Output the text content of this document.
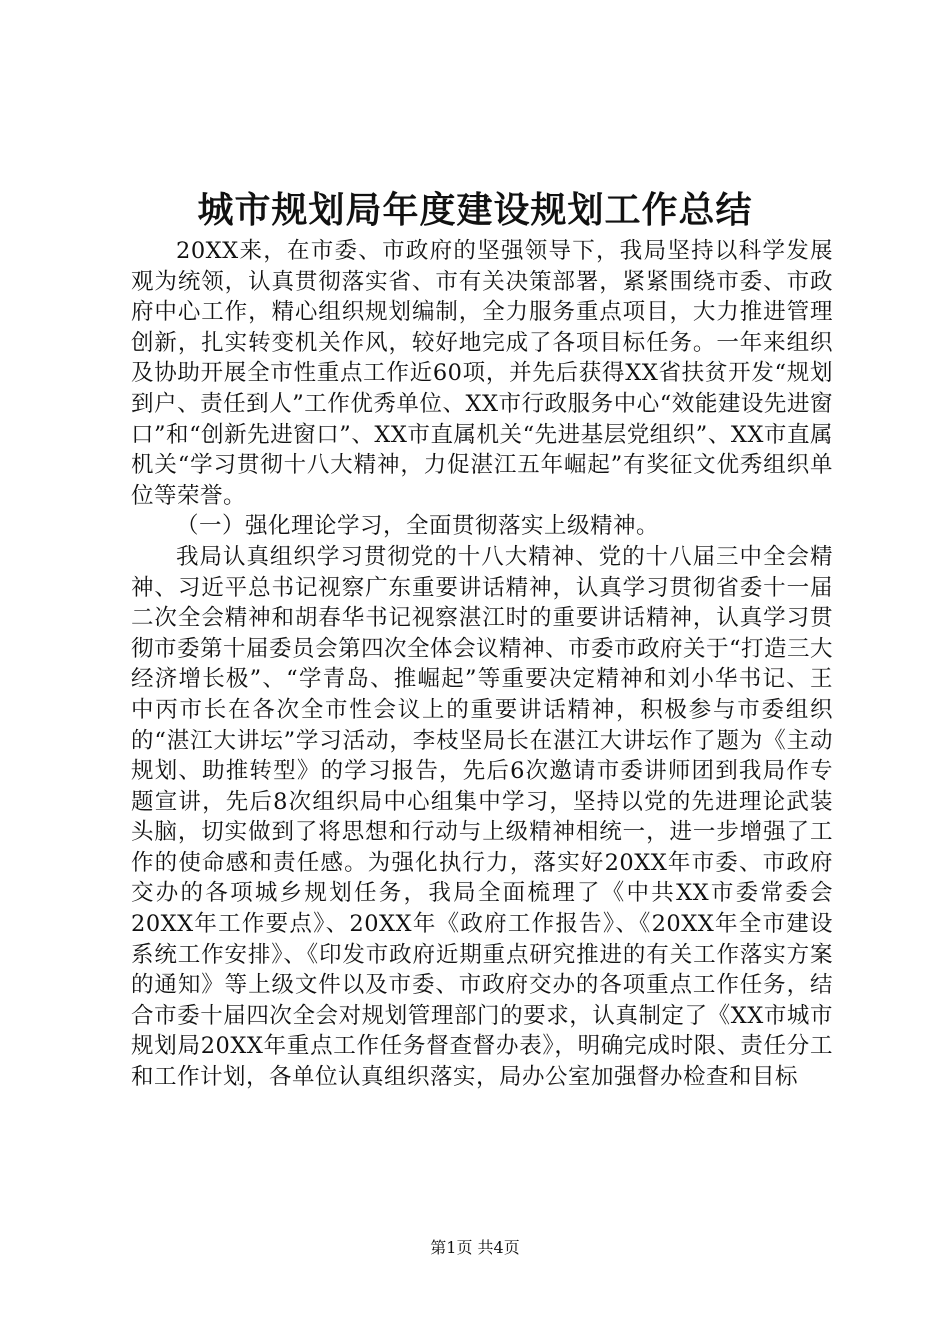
城市规划局年度建设规划工作总结

20XX来，在市委、市政府的坚强领导下，我局坚持以科学发展观为统领，认真贯彻落实省、市有关决策部署，紧紧围绕市委、市政府中心工作，精心组织规划编制，全力服务重点项目，大力推进管理创新，扎实转变机关作风，较好地完成了各项目标任务。一年来组织及协助开展全市性重点工作近60项，并先后获得XX省扶贫开发“规划到户、责任到人”工作优秀单位、XX市行政服务中心“效能建设先进窗口”和“创新先进窗口”、XX市直属机关“先进基层党组织”、XX市直属机关“学习贯彻十八大精神，力促湛江五年崛起”有奖征文优秀组织单位等荣誉。

（一）强化理论学习，全面贯彻落实上级精神。

我局认真组织学习贯彻党的十八大精神、党的十八届三中全会精神、习近平总书记视察广东重要讲话精神，认真学习贯彻省委十一届二次全会精神和胡春华书记视察湛江时的重要讲话精神，认真学习贯彻市委第十届委员会第四次全体会议精神、市委市政府关于“打造三大经济增长极”、“学青岛、推崛起”等重要决定精神和刘小华书记、王中丙市长在各次全市性会议上的重要讲话精神，积极参与市委组织的“湛江大讲坛”学习活动，李枝坚局长在湛江大讲坛作了题为《主动规划、助推转型》的学习报告，先后6次邀请市委讲师团到我局作专题宣讲，先后8次组织局中心组集中学习，坚持以党的先进理论武装头脑，切实做到了将思想和行动与上级精神相统一，进一步增强了工作的使命感和责任感。为强化执行力，落实好20XX年市委、市政府交办的各项城乡规划任务，我局全面梳理了《中共XX市委常委会20XX年工作要点》、20XX年《政府工作报告》、《20XX年全市建设系统工作安排》、《印发市政府近期重点研究推进的有关工作落实方案的通知》等上级文件以及市委、市政府交办的各项重点工作任务，结合市委十届四次全会对规划管理部门的要求，认真制定了《XX市城市规划局20XX年重点工作任务督查督办表》，明确完成时限、责任分工和工作计划，各单位认真组织落实，局办公室加强督办检查和目标

第1页 共4页
